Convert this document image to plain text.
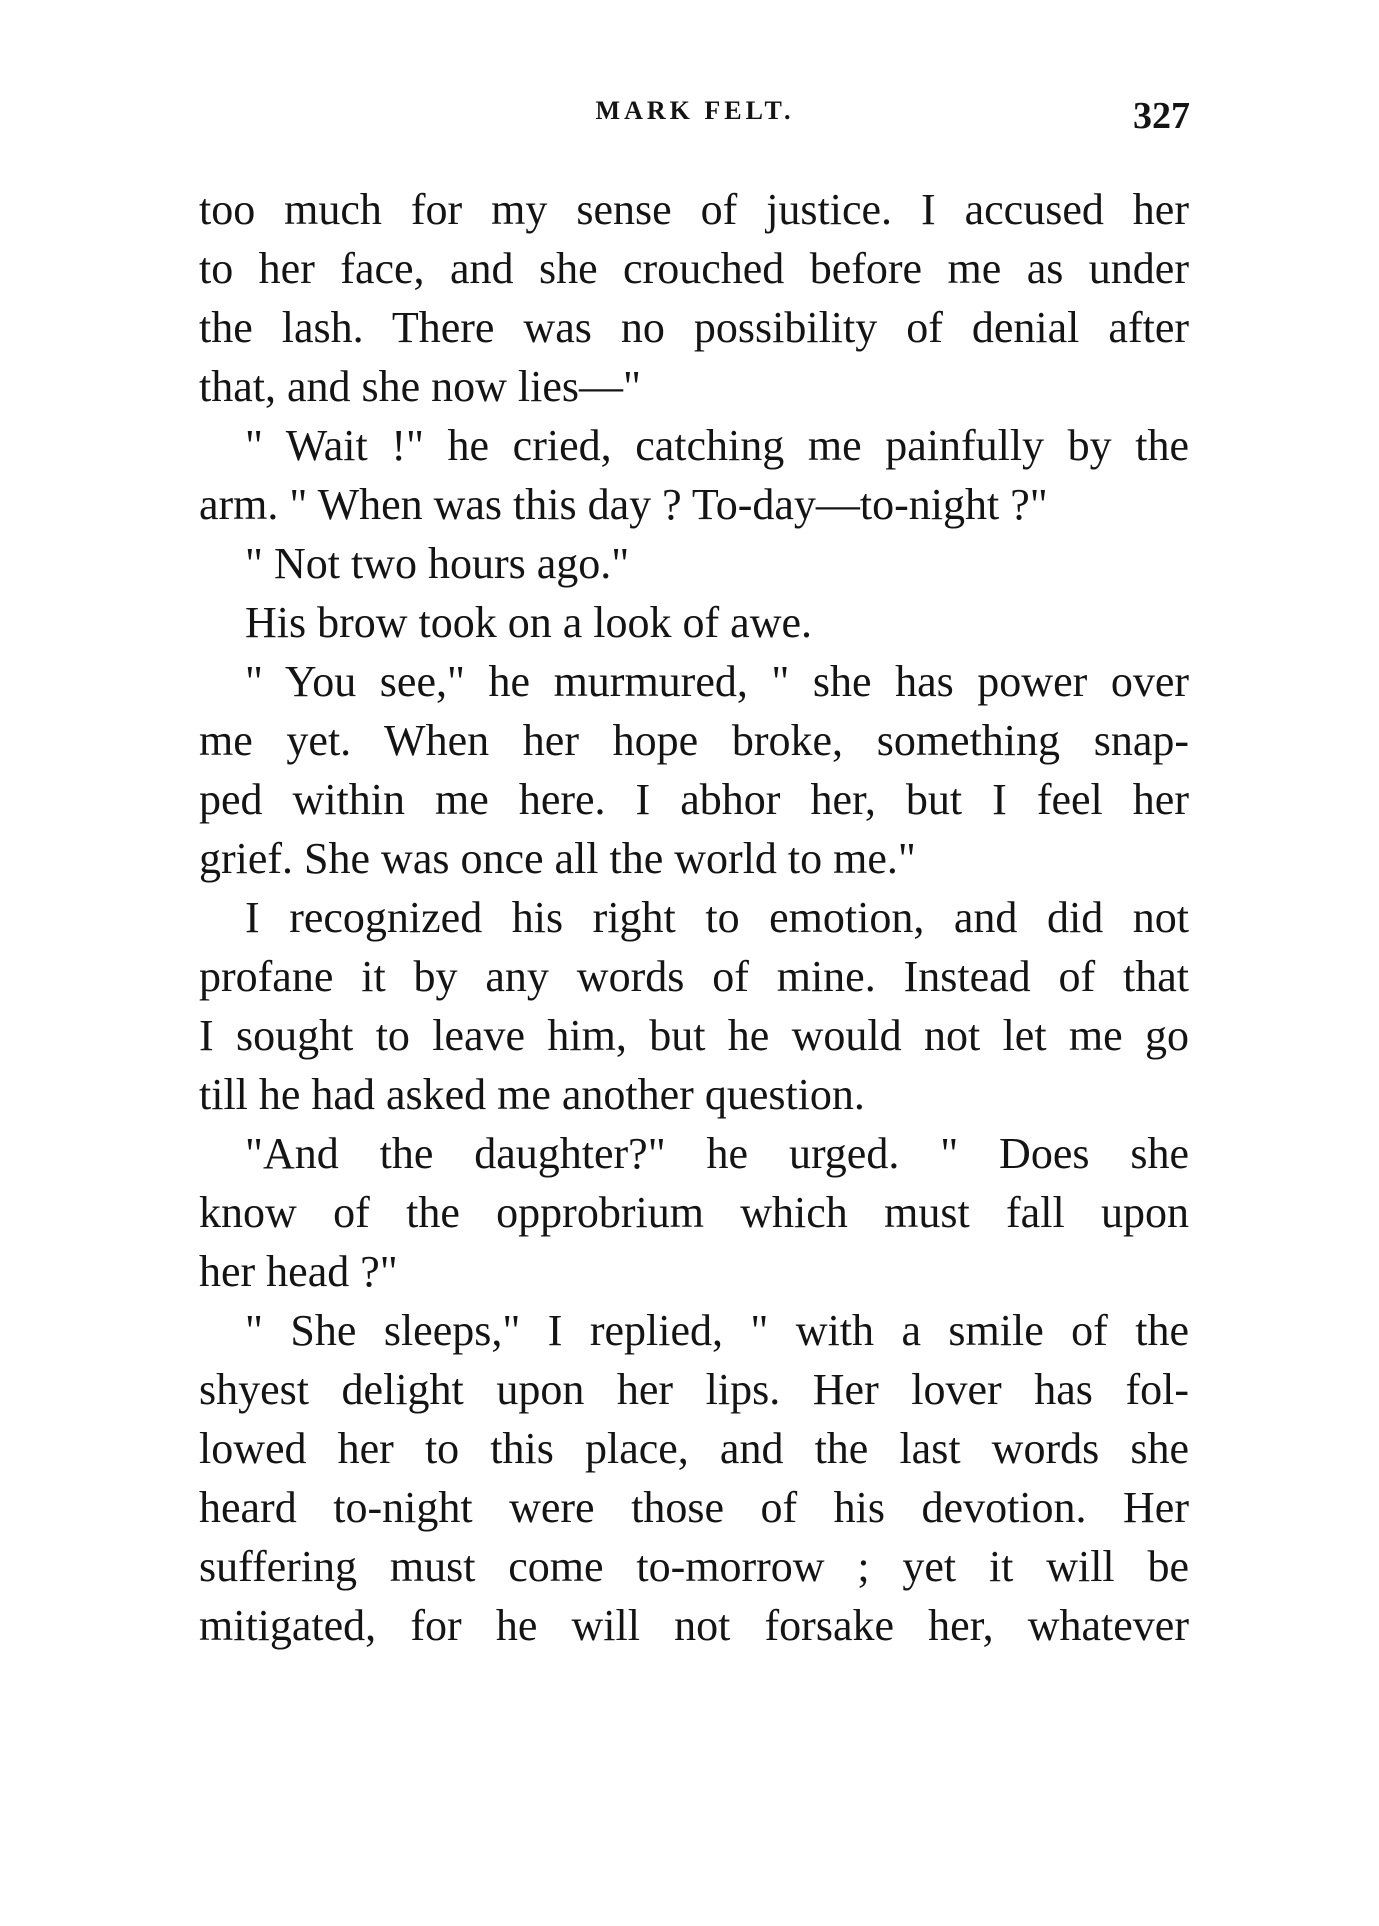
MARK FELT.	327
too much for my sense of justice. I accused her
to her face, and she crouched before me as under
the lash. There was no possibility of denial after
that, and she now lies—"
" Wait !" he cried, catching me painfully by the
arm. " When was this day ? To-day—to-night ?"
" Not two hours ago."
His brow took on a look of awe.
" You see," he murmured, " she has power over
me yet. When her hope broke, something snap-
ped within me here. I abhor her, but I feel her
grief. She was once all the world to me."
I recognized his right to emotion, and did not
profane it by any words of mine. Instead of that
I sought to leave him, but he would not let me go
till he had asked me another question.
"And the daughter?" he urged. " Does she
know of the opprobrium which must fall upon
her head ?"
" She sleeps," I replied, " with a smile of the
shyest delight upon her lips. Her lover has fol-
lowed her to this place, and the last words she
heard to-night were those of his devotion. Her
suffering must come to-morrow ; yet it will be
mitigated, for he will not forsake her, whatever
